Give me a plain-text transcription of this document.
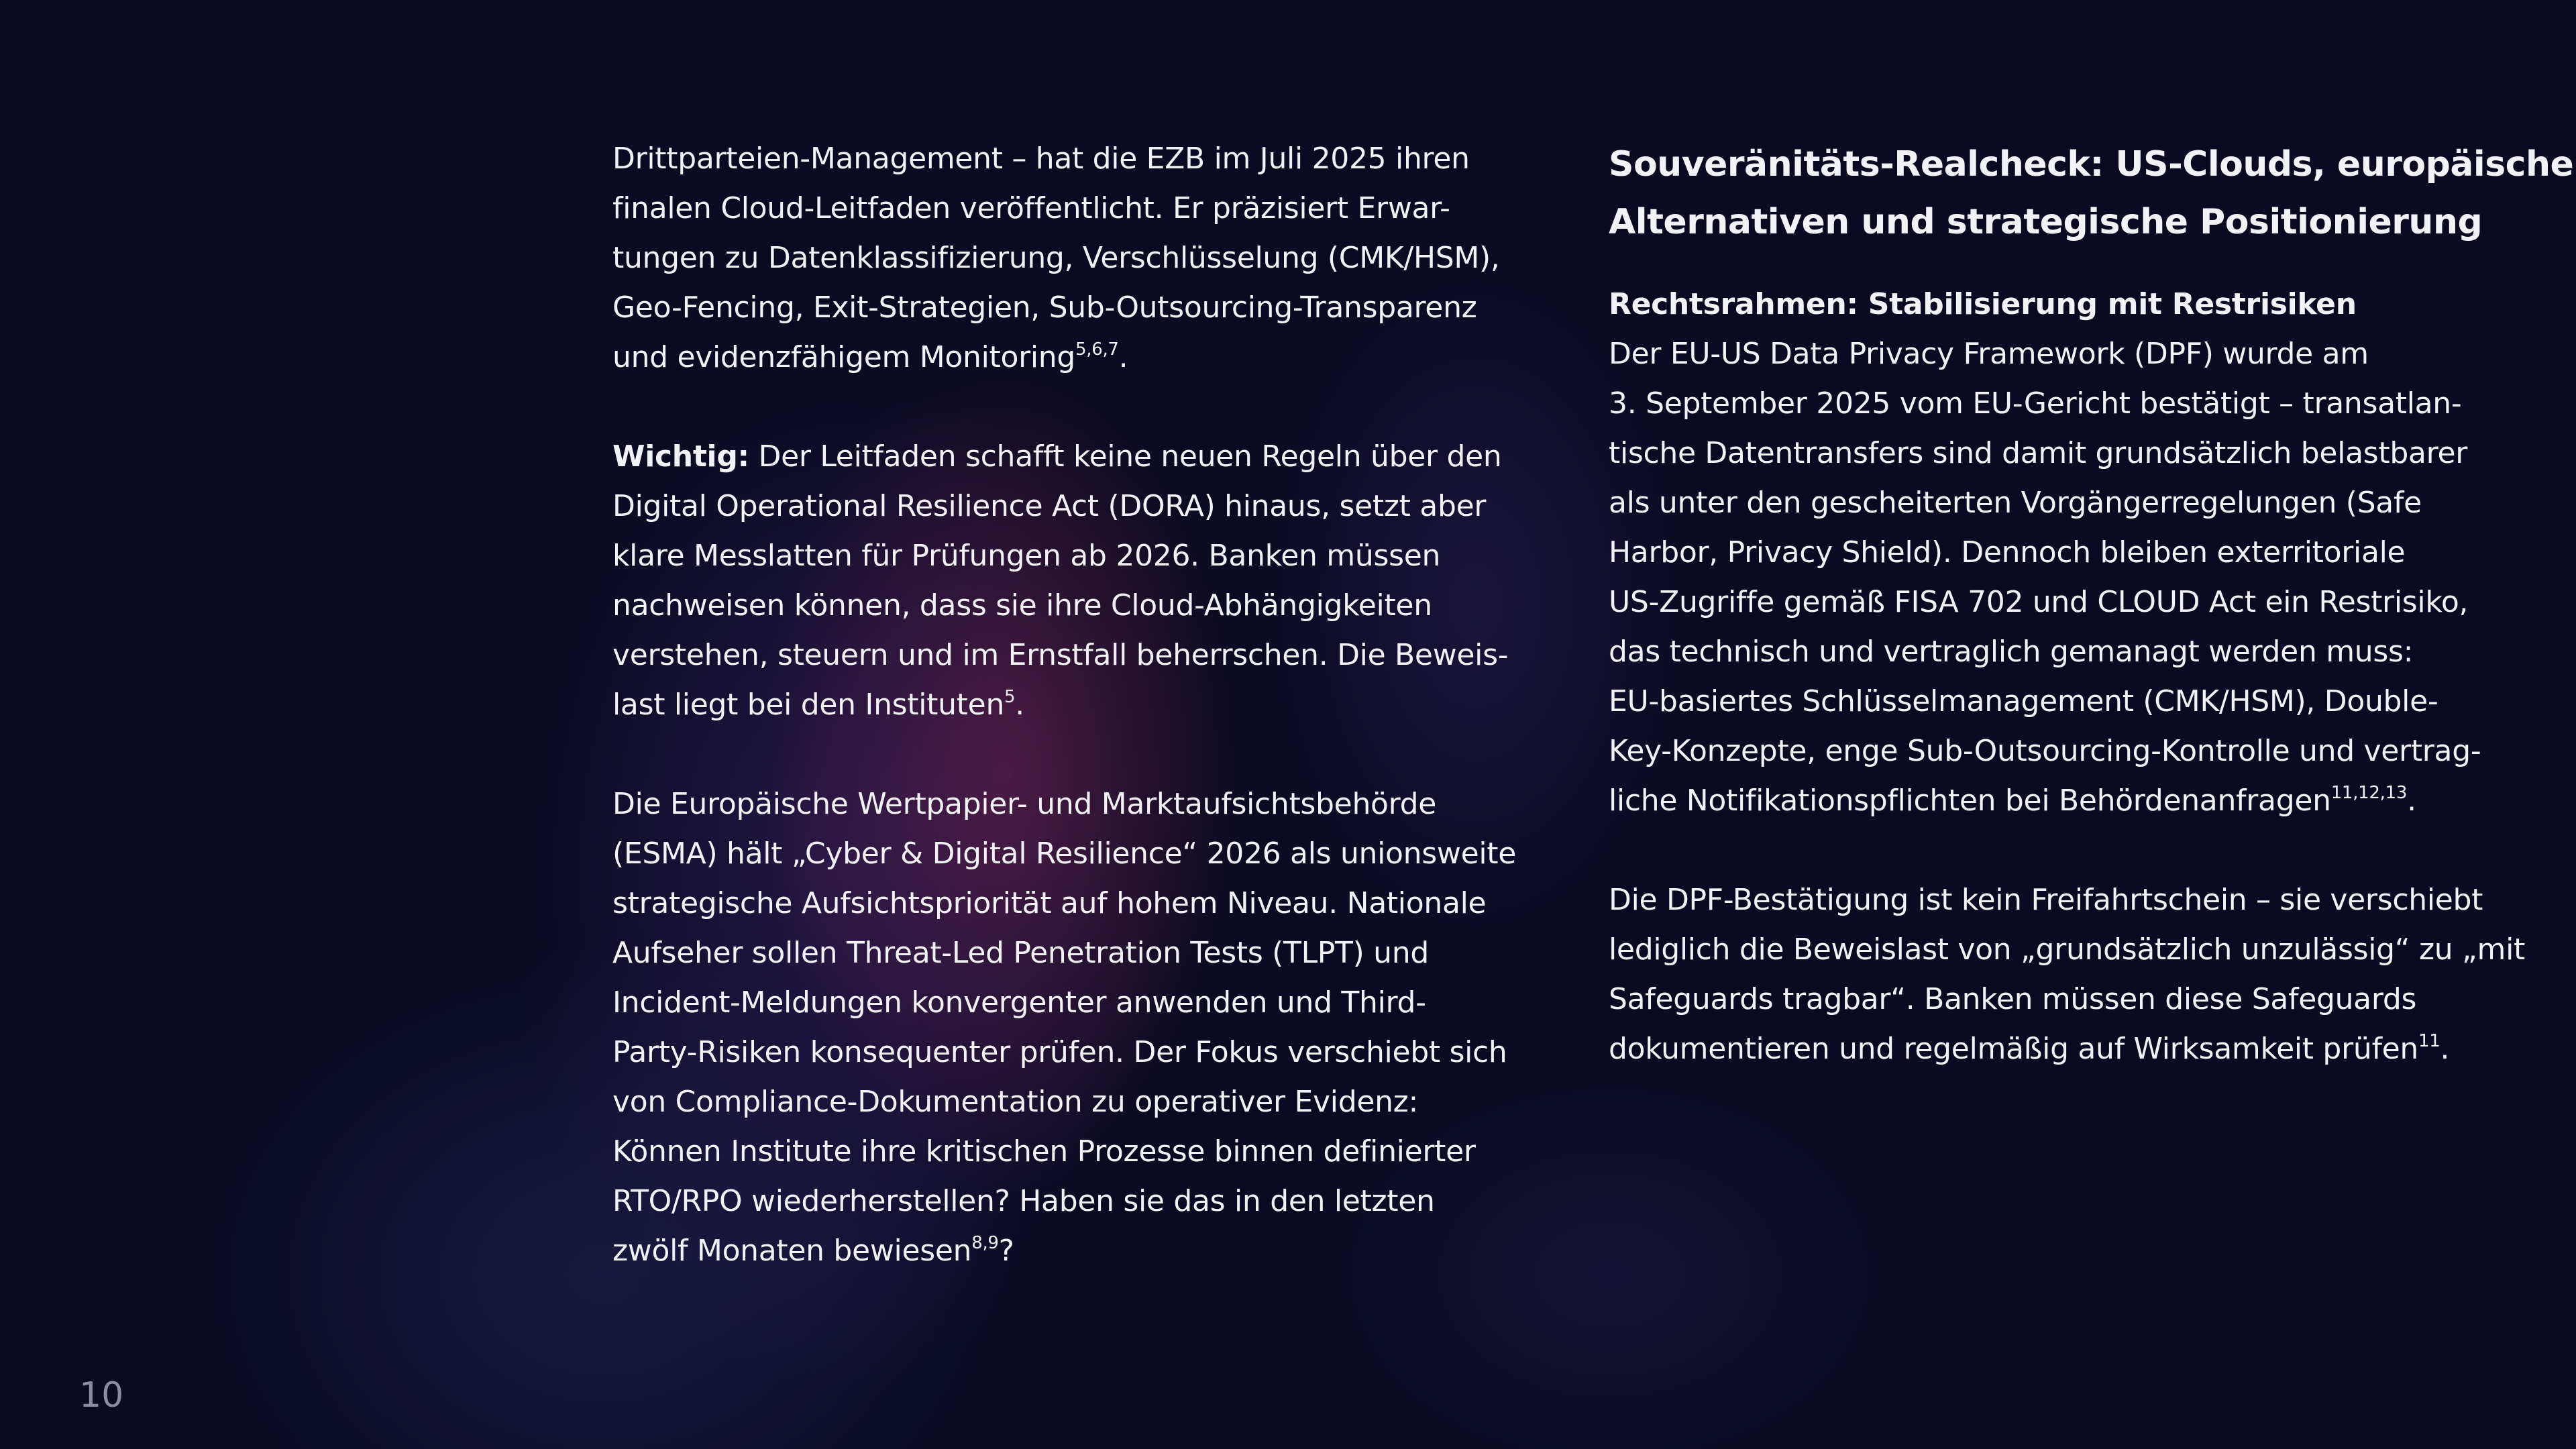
Drittparteien-Management – hat die EZB im Juli 2025 ihren
finalen Cloud-Leitfaden veröffentlicht. Er präzisiert Erwar-
tungen zu Datenklassifizierung, Verschlüsselung (CMK/HSM),
Geo-Fencing, Exit-Strategien, Sub-Outsourcing-Transparenz
und evidenzfähigem Monitoring$^{5,6,7}$.
Wichtig: Der Leitfaden schafft keine neuen Regeln über den
Digital Operational Resilience Act (DORA) hinaus, setzt aber
klare Messlatten für Prüfungen ab 2026. Banken müssen
nachweisen können, dass sie ihre Cloud-Abhängigkeiten
verstehen, steuern und im Ernstfall beherrschen. Die Beweis-
last liegt bei den Instituten$^5$.
Die Europäische Wertpapier- und Marktaufsichtsbehörde
(ESMA) hält „Cyber & Digital Resilience“ 2026 als unionsweite
strategische Aufsichtspriorität auf hohem Niveau. Nationale
Aufseher sollen Threat-Led Penetration Tests (TLPT) und
Incident-Meldungen konvergenter anwenden und Third-
Party-Risiken konsequenter prüfen. Der Fokus verschiebt sich
von Compliance-Dokumentation zu operativer Evidenz:
Können Institute ihre kritischen Prozesse binnen definierter
RTO/RPO wiederherstellen? Haben sie das in den letzten
zwölf Monaten bewiesen$^{8,9}$?
Souveränitäts-Realcheck: US-Clouds, europäische
Alternativen und strategische Positionierung
Rechtsrahmen: Stabilisierung mit Restrisiken
Der EU-US Data Privacy Framework (DPF) wurde am
3. September 2025 vom EU-Gericht bestätigt – transatlan-
tische Datentransfers sind damit grundsätzlich belastbarer
als unter den gescheiterten Vorgängerregelungen (Safe
Harbor, Privacy Shield). Dennoch bleiben exterritoriale
US-Zugriffe gemäß FISA 702 und CLOUD Act ein Restrisiko,
das technisch und vertraglich gemanagt werden muss:
EU-basiertes Schlüsselmanagement (CMK/HSM), Double-
Key-Konzepte, enge Sub-Outsourcing-Kontrolle und vertrag-
liche Notifikationspflichten bei Behördenanfragen$^{11,12,13}$.
Die DPF-Bestätigung ist kein Freifahrtschein – sie verschiebt
lediglich die Beweislast von „grundsätzlich unzulässig“ zu „mit
Safeguards tragbar“. Banken müssen diese Safeguards
dokumentieren und regelmäßig auf Wirksamkeit prüfen$^{11}$.
10
